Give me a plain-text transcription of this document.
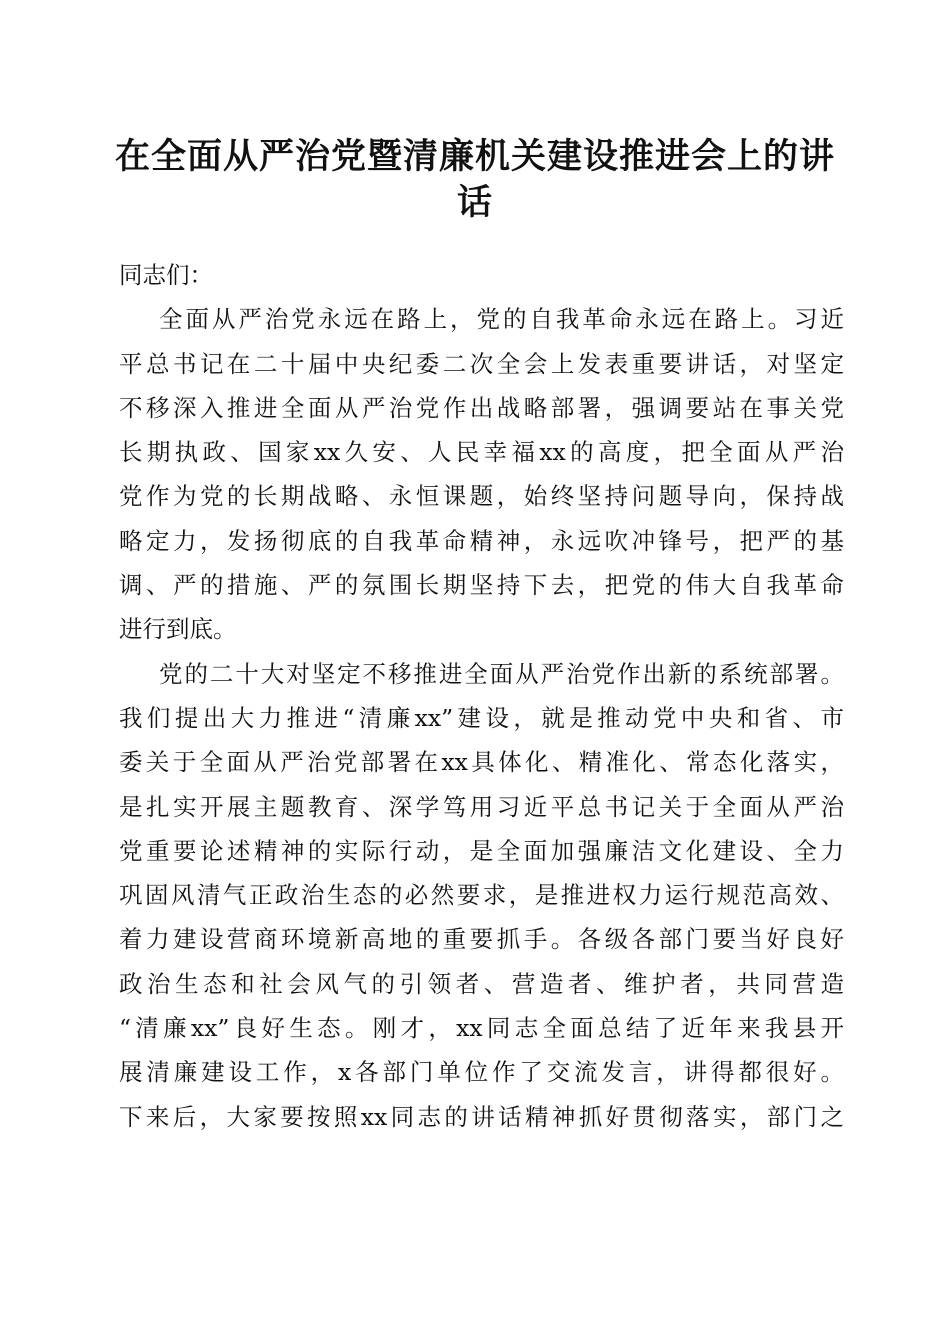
在全面从严治党暨清廉机关建设推进会上的讲
话
同志们：
全面从严治党永远在路上，党的自我革命永远在路上。习近
平总书记在二十届中央纪委二次全会上发表重要讲话，对坚定
不移深入推进全面从严治党作出战略部署，强调要站在事关党
长期执政、国家xx久安、人民幸福xx的高度，把全面从严治
党作为党的长期战略、永恒课题，始终坚持问题导向，保持战
略定力，发扬彻底的自我革命精神，永远吹冲锋号，把严的基
调、严的措施、严的氛围长期坚持下去，把党的伟大自我革命
进行到底。
党的二十大对坚定不移推进全面从严治党作出新的系统部署。
我们提出大力推进“清廉xx”建设，就是推动党中央和省、市
委关于全面从严治党部署在xx具体化、精准化、常态化落实，
是扎实开展主题教育、深学笃用习近平总书记关于全面从严治
党重要论述精神的实际行动，是全面加强廉洁文化建设、全力
巩固风清气正政治生态的必然要求，是推进权力运行规范高效、
着力建设营商环境新高地的重要抓手。各级各部门要当好良好
政治生态和社会风气的引领者、营造者、维护者，共同营造
“清廉xx”良好生态。刚才，xx同志全面总结了近年来我县开
展清廉建设工作，x各部门单位作了交流发言，讲得都很好。
下来后，大家要按照xx同志的讲话精神抓好贯彻落实，部门之
